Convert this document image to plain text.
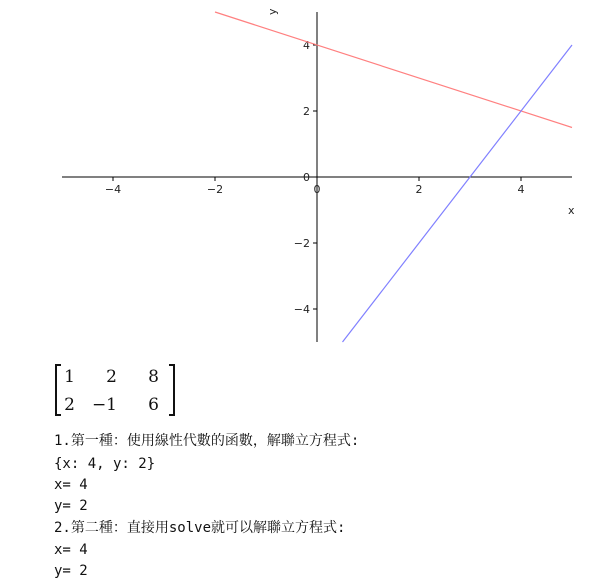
−4	−2	0	2	4
−4
−2
0
2
4
x
y
1	2	8
2 −1	6
1.第一種：使用線性代數的函數，解聯立方程式:
{x: 4, y: 2}
x= 4
y= 2
2.第二種：直接用solve就可以解聯立方程式:
x= 4
y= 2
